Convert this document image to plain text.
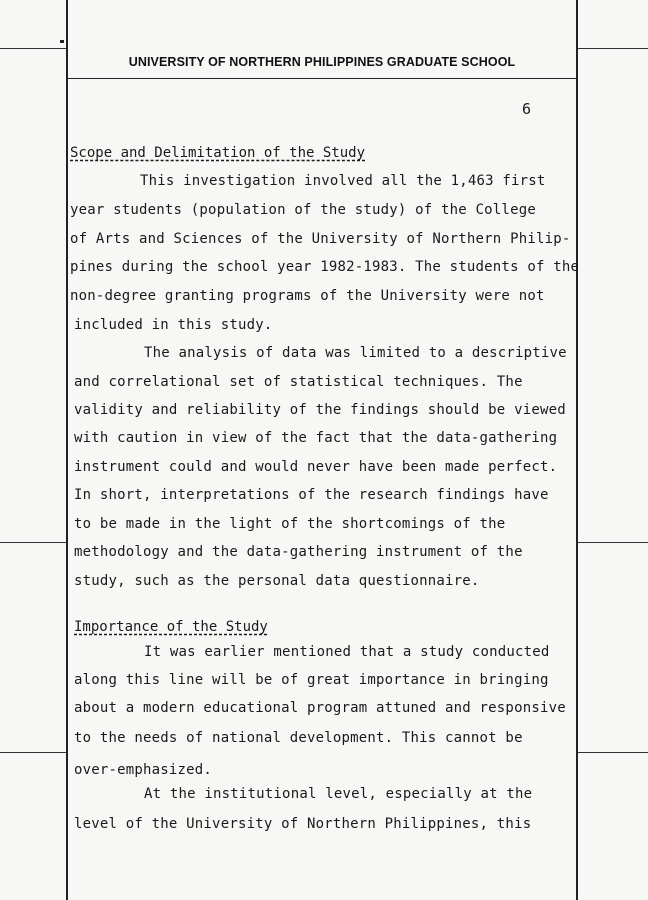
UNIVERSITY OF NORTHERN PHILIPPINES GRADUATE SCHOOL
6
Scope and Delimitation of the Study
This investigation involved all the 1,463 first
year students (population of the study) of the College
of Arts and Sciences of the University of Northern Philip-
pines during the school year 1982-1983. The students of the
non-degree granting programs of the University were not
included in this study.
The analysis of data was limited to a descriptive
and correlational set of statistical techniques. The
validity and reliability of the findings should be viewed
with caution in view of the fact that the data-gathering
instrument could and would never have been made perfect.
In short, interpretations of the research findings have
to be made in the light of the shortcomings of the
methodology and the data-gathering instrument of the
study, such as the personal data questionnaire.
Importance of the Study
It was earlier mentioned that a study conducted
along this line will be of great importance in bringing
about a modern educational program attuned and responsive
to the needs of national development. This cannot be
over-emphasized.
At the institutional level, especially at the
level of the University of Northern Philippines, this
